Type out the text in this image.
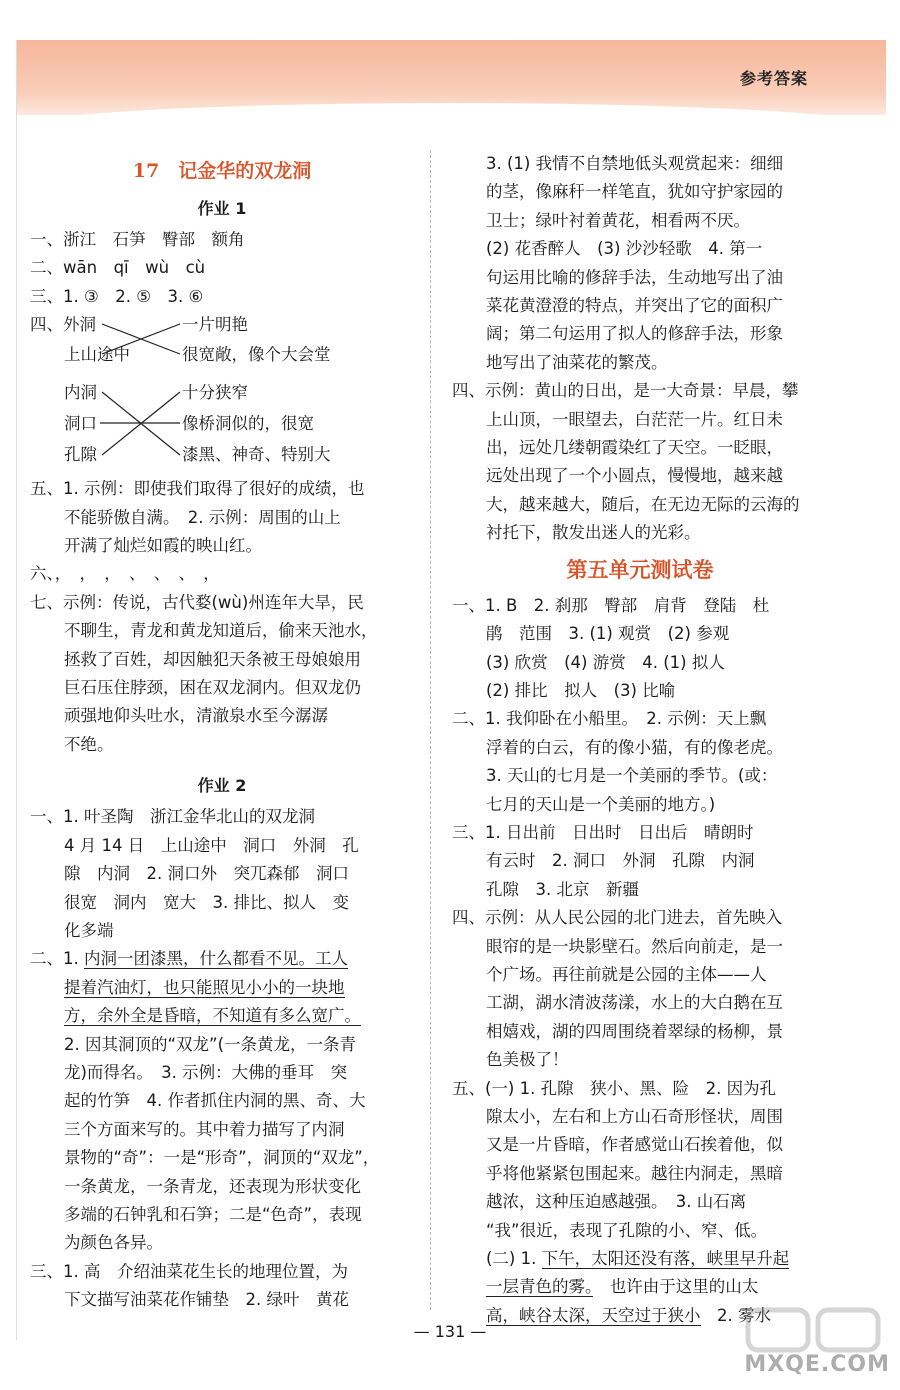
参考答案
17　记金华的双龙洞
作业 1
一、浙江　石笋　臀部　额角
二、wān　qī　wù　cù
三、1. ③　2. ⑤　3. ⑥
四、外洞
上山途中
一片明艳
很宽敞，像个大会堂
内洞
洞口
孔隙
十分狭窄
像桥洞似的，很宽
漆黑、神奇、特别大
五、1. 示例：即使我们取得了很好的成绩，也
不能骄傲自满。　2. 示例：周围的山上
开满了灿烂如霞的映山红。
六、，　，　，　、　、　、　，
七、示例：传说，古代婺(wù)州连年大旱，民
不聊生，青龙和黄龙知道后，偷来天池水，
拯救了百姓，却因触犯天条被王母娘娘用
巨石压住脖颈，困在双龙洞内。但双龙仍
顽强地仰头吐水，清澈泉水至今潺潺
不绝。
作业 2
一、1. 叶圣陶　浙江金华北山的双龙洞
4 月 14 日　上山途中　洞口　外洞　孔
隙　内洞　2. 洞口外　突兀森郁　洞口
很宽　洞内　宽大　3. 排比、拟人　变
化多端
二、1. 内洞一团漆黑，什么都看不见。工人
提着汽油灯，也只能照见小小的一块地
方，余外全是昏暗，不知道有多么宽广。
2. 因其洞顶的“双龙”(一条黄龙，一条青
龙)而得名。　3. 示例：大佛的垂耳　突
起的竹笋　4. 作者抓住内洞的黑、奇、大
三个方面来写的。其中着力描写了内洞
景物的“奇”：一是“形奇”，洞顶的“双龙”，
一条黄龙，一条青龙，还表现为形状变化
多端的石钟乳和石笋；二是“色奇”，表现
为颜色各异。
三、1. 高　介绍油菜花生长的地理位置，为
下文描写油菜花作铺垫　2. 绿叶　黄花
3. (1) 我情不自禁地低头观赏起来：细细
的茎，像麻秆一样笔直，犹如守护家园的
卫士；绿叶衬着黄花，相看两不厌。
(2) 花香醉人　(3) 沙沙轻歌　4. 第一
句运用比喻的修辞手法，生动地写出了油
菜花黄澄澄的特点，并突出了它的面积广
阔；第二句运用了拟人的修辞手法，形象
地写出了油菜花的繁茂。
四、示例：黄山的日出，是一大奇景：早晨，攀
上山顶，一眼望去，白茫茫一片。红日未
出，远处几缕朝霞染红了天空。一眨眼，
远处出现了一个小圆点，慢慢地，越来越
大，越来越大，随后，在无边无际的云海的
衬托下，散发出迷人的光彩。
第五单元测试卷
一、1. B　2. 刹那　臀部　肩背　登陆　杜
鹃　范围　3. (1) 观赏　(2) 参观
(3) 欣赏　(4) 游赏　4. (1) 拟人
(2) 排比　拟人　(3) 比喻
二、1. 我仰卧在小船里。　2. 示例：天上飘
浮着的白云，有的像小猫，有的像老虎。
3. 天山的七月是一个美丽的季节。(或：
七月的天山是一个美丽的地方。)
三、1. 日出前　日出时　日出后　晴朗时
有云时　2. 洞口　外洞　孔隙　内洞
孔隙　3. 北京　新疆
四、示例：从人民公园的北门进去，首先映入
眼帘的是一块影壁石。然后向前走，是一
个广场。再往前就是公园的主体——人
工湖，湖水清波荡漾，水上的大白鹅在互
相嬉戏，湖的四周围绕着翠绿的杨柳，景
色美极了！
五、(一) 1. 孔隙　狭小、黑、险　2. 因为孔
隙太小，左右和上方山石奇形怪状，周围
又是一片昏暗，作者感觉山石挨着他，似
乎将他紧紧包围起来。越往内洞走，黑暗
越浓，这种压迫感越强。　3. 山石离
“我”很近，表现了孔隙的小、窄、低。
(二) 1. 下午，太阳还没有落，峡里早升起
一层青色的雾。　也许由于这里的山太
高，峡谷太深，天空过于狭小　2. 雾水
— 131 —
MXQE.COM
